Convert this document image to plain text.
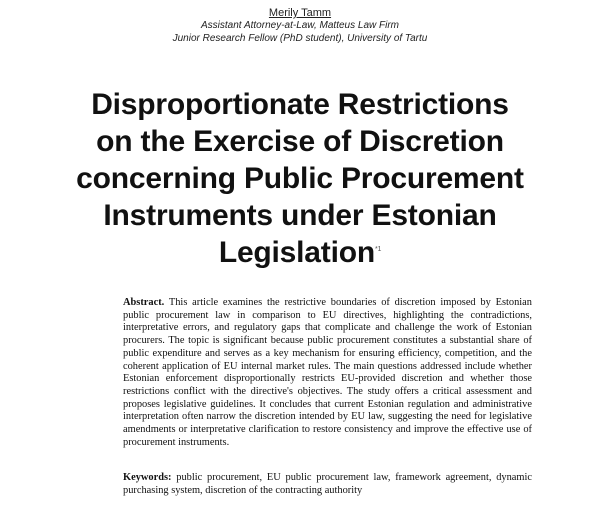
Merily Tamm
Assistant Attorney-at-Law, Matteus Law Firm
Junior Research Fellow (PhD student), University of Tartu
Disproportionate Restrictions
on the Exercise of Discretion
concerning Public Procurement
Instruments under Estonian
Legislation$^{*1}$
Abstract. This article examines the restrictive boundaries of discretion imposed by Estonian public procurement law in comparison to EU directives, highlighting the contradictions, interpretative errors, and regulatory gaps that complicate and challenge the work of Estonian procurers. The topic is significant because public procurement constitutes a substantial share of public expenditure and serves as a key mechanism for ensuring efficiency, competition, and the coherent application of EU internal market rules. The main questions addressed include whether Estonian enforcement disproportionally restricts EU-provided discretion and whether those restrictions conflict with the directive's objectives. The study offers a critical assessment and proposes legislative guidelines. It concludes that current Estonian regulation and administrative interpretation often narrow the discretion intended by EU law, suggesting the need for legislative amendments or interpretative clarification to restore consistency and improve the effective use of procurement instruments.
Keywords: public procurement, EU public procurement law, framework agreement, dynamic purchasing system, discretion of the contracting authority
